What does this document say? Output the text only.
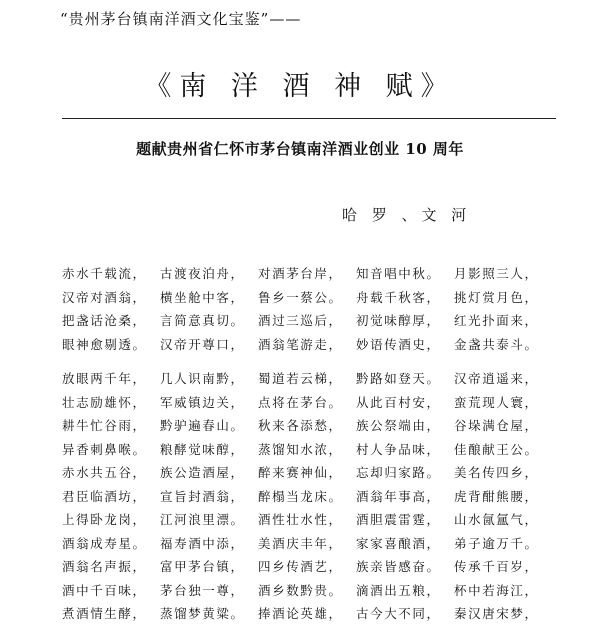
“贵州茅台镇南洋酒文化宝鉴”——
《南 洋 酒 神 赋》
题献贵州省仁怀市茅台镇南洋酒业创业 10 周年
哈 罗 、文 河
赤水千载流， 古渡夜泊舟， 对酒茅台岸， 知音唱中秋。 月影照三人，
汉帝对酒翁， 横坐舱中客， 鲁乡一蔡公。 舟载千秋客， 挑灯赏月色，
把盏话沧桑， 言简意真切。 酒过三巡后， 初觉味醇厚， 红光扑面来，
眼神愈剔透。 汉帝开尊口， 酒翁笔游走， 妙语传酒史， 金盏共泰斗。
放眼两千年， 几人识南黔， 蜀道若云梯， 黔路如登天。 汉帝逍遥来，
壮志励雄怀， 军威镇边关， 点将在茅台。 从此百村安， 蛮荒现人寰，
耕牛忙谷雨， 黔驴遍春山。 秋来各添愁， 族公祭端由， 谷垛满仓屋，
异香刺鼻喉。 粮酵觉味醇， 蒸馏知水浓， 村人争品味， 佳酿献王公。
赤水共五谷， 族公造酒屋， 醉来赛神仙， 忘却归家路。 美名传四乡，
君臣临酒坊， 宣旨封酒翁， 醉榻当龙床。 酒翁年事高， 虎背酣熊腰，
上得卧龙岗， 江河浪里漂。 酒性壮水性， 酒胆震雷霆， 山水氤氲气，
酒翁成寿星。 福寿酒中添， 美酒庆丰年， 家家喜酿酒， 弟子逾万千。
酒翁名声振， 富甲茅台镇， 四乡传酒艺， 族亲皆感奋。 传承千百岁，
酒中千百味， 茅台独一尊， 酒乡数黔贵。 滴酒出五粮， 杯中若海江，
煮酒情生酵， 蒸馏梦黄粱。 捧酒论英雄， 古今大不同， 秦汉唐宋梦，
